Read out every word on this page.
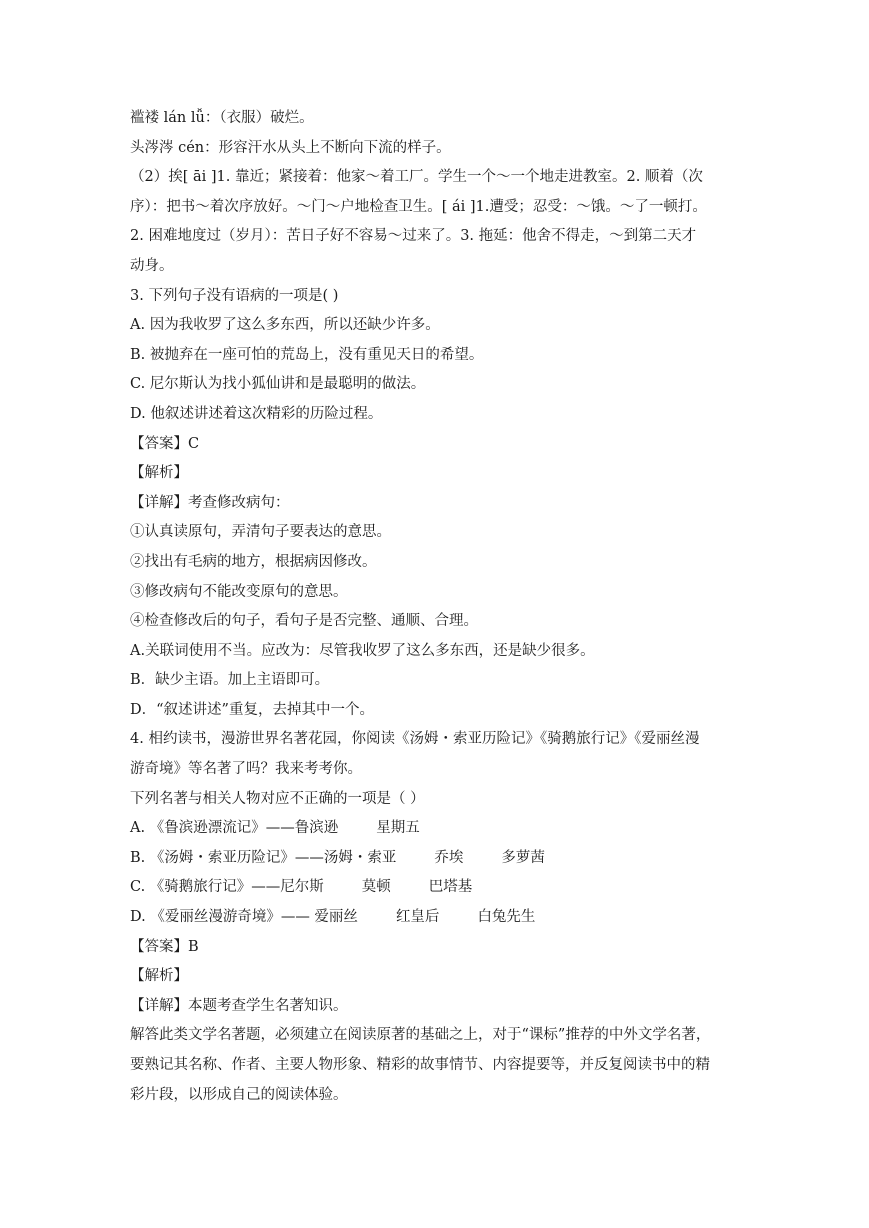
褴褛 lán lǚ：（衣服）破烂。
头涔涔 cén：形容汗水从头上不断向下流的样子。
（2）挨[ āi ]1. 靠近；紧接着：他家～着工厂。学生一个～一个地走进教室。2. 顺着（次
序）：把书～着次序放好。～门～户地检查卫生。[ ái ]1.遭受；忍受：～饿。～了一顿打。
2. 困难地度过（岁月）：苦日子好不容易～过来了。3. 拖延：他舍不得走，～到第二天才
动身。
3. 下列句子没有语病的一项是( )
A. 因为我收罗了这么多东西，所以还缺少许多。
B. 被抛弃在一座可怕的荒岛上，没有重见天日的希望。
C. 尼尔斯认为找小狐仙讲和是最聪明的做法。
D. 他叙述讲述着这次精彩的历险过程。
【答案】C
【解析】
【详解】考查修改病句：
①认真读原句，弄清句子要表达的意思。
②找出有毛病的地方，根据病因修改。
③修改病句不能改变原句的意思。
④检查修改后的句子，看句子是否完整、通顺、合理。
A.关联词使用不当。应改为：尽管我收罗了这么多东西，还是缺少很多。
B．缺少主语。加上主语即可。
D．“叙述讲述”重复，去掉其中一个。
4. 相约读书，漫游世界名著花园，你阅读《汤姆・索亚历险记》《骑鹅旅行记》《爱丽丝漫
游奇境》等名著了吗？我来考考你。
下列名著与相关人物对应不正确的一项是（ ）
A. 《鲁滨逊漂流记》——鲁滨逊	星期五
B. 《汤姆・索亚历险记》——汤姆・索亚	乔埃	多萝茜
C. 《骑鹅旅行记》——尼尔斯	莫顿	巴塔基
D. 《爱丽丝漫游奇境》—— 爱丽丝	红皇后	白兔先生
【答案】B
【解析】
【详解】本题考查学生名著知识。
解答此类文学名著题，必须建立在阅读原著的基础之上，对于“课标”推荐的中外文学名著，
要熟记其名称、作者、主要人物形象、精彩的故事情节、内容提要等，并反复阅读书中的精
彩片段，以形成自己的阅读体验。
